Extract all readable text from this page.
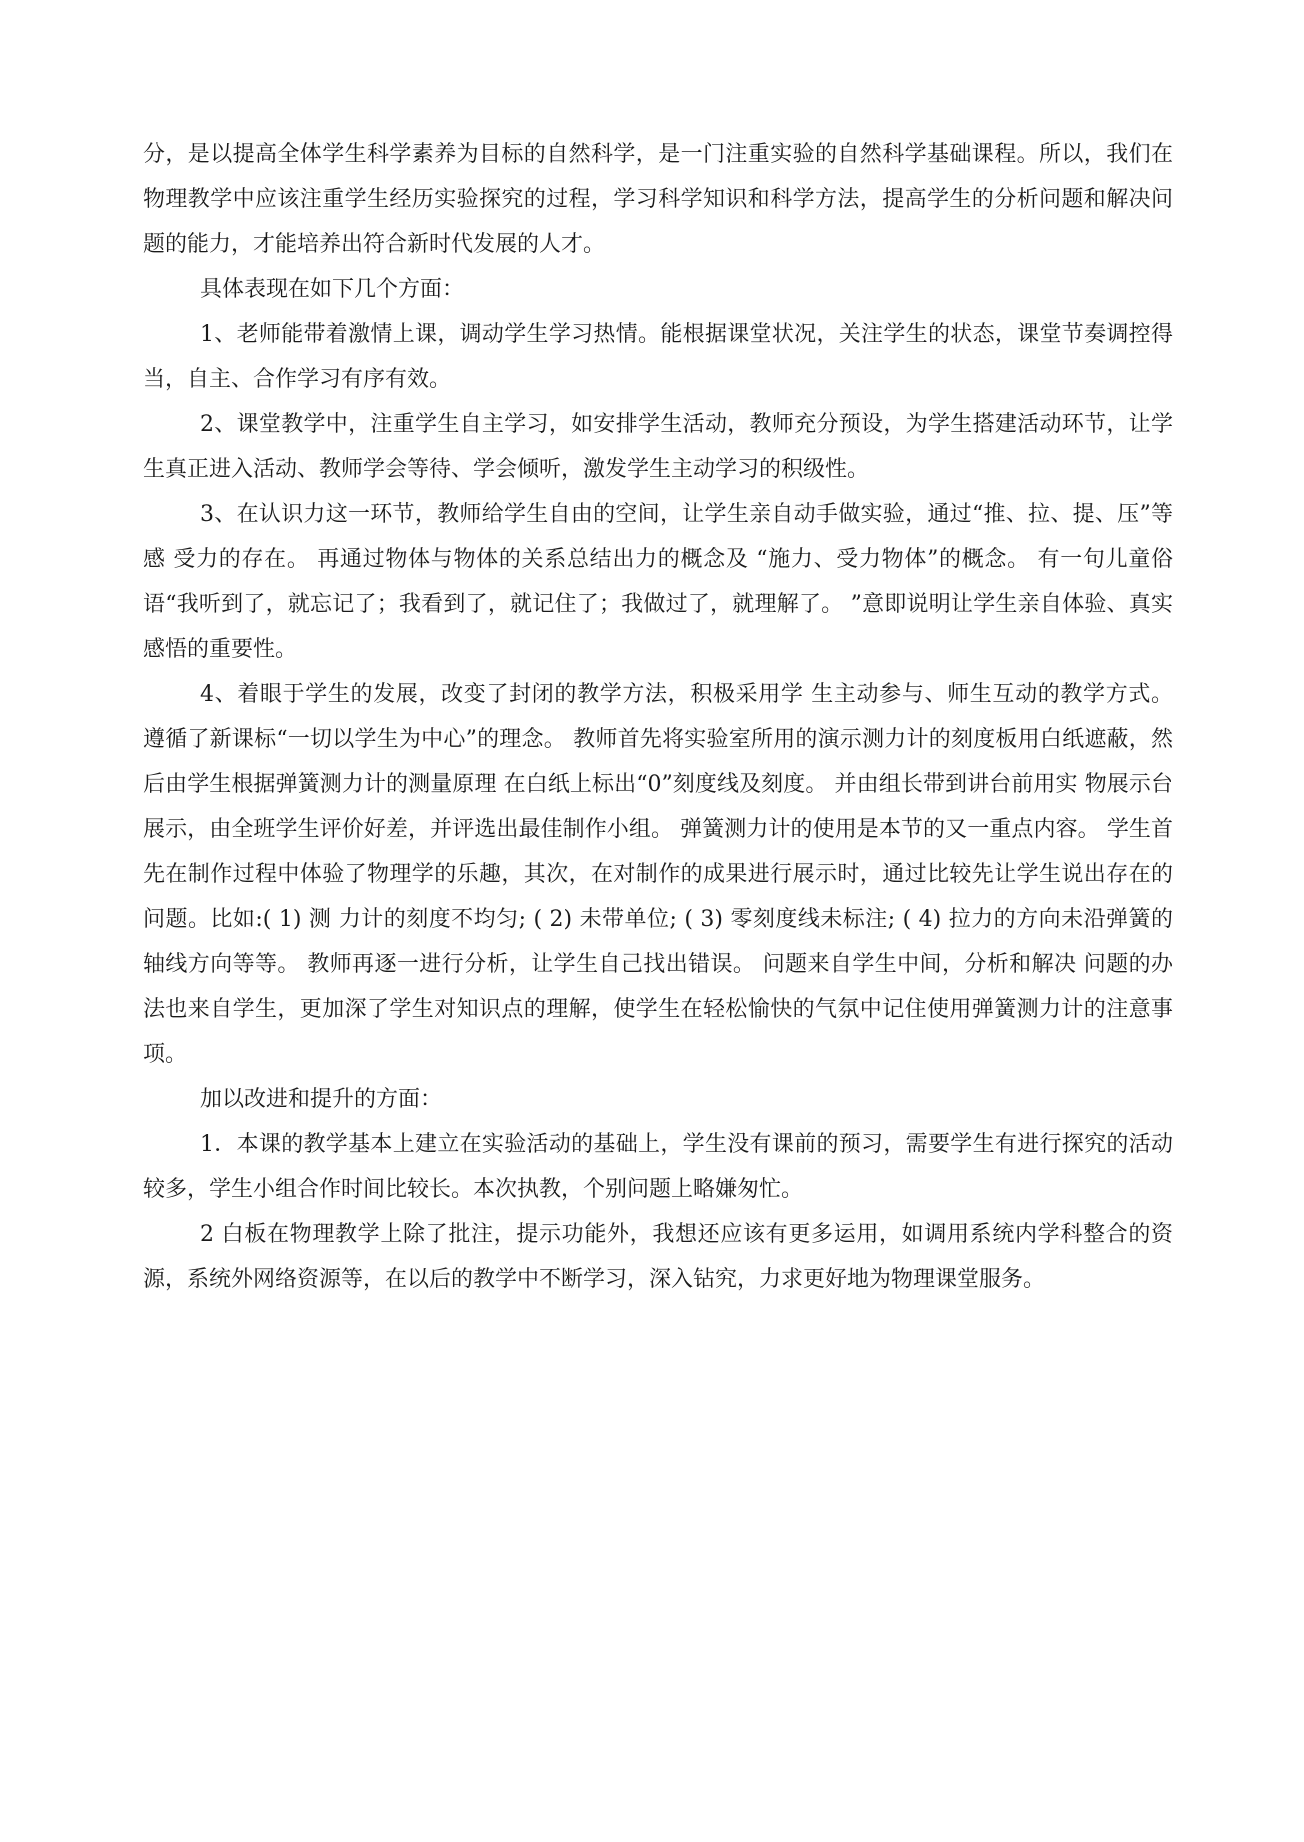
分，是以提高全体学生科学素养为目标的自然科学，是一门注重实验的自然科学基础课程。所以，我们在物理教学中应该注重学生经历实验探究的过程，学习科学知识和科学方法，提高学生的分析问题和解决问题的能力，才能培养出符合新时代发展的人才。

具体表现在如下几个方面：

1、老师能带着激情上课，调动学生学习热情。能根据课堂状况，关注学生的状态，课堂节奏调控得当，自主、合作学习有序有效。

2、课堂教学中，注重学生自主学习，如安排学生活动，教师充分预设，为学生搭建活动环节，让学生真正进入活动、教师学会等待、学会倾听，激发学生主动学习的积级性。

3、在认识力这一环节，教师给学生自由的空间，让学生亲自动手做实验，通过“推、拉、提、压”等感 受力的存在。 再通过物体与物体的关系总结出力的概念及 “施力、受力物体”的概念。 有一句儿童俗语“我听到了，就忘记了；我看到了，就记住了；我做过了，就理解了。 ”意即说明让学生亲自体验、真实感悟的重要性。

4、着眼于学生的发展，改变了封闭的教学方法，积极采用学 生主动参与、师生互动的教学方式。 遵循了新课标“一切以学生为中心”的理念。 教师首先将实验室所用的演示测力计的刻度板用白纸遮蔽，然后由学生根据弹簧测力计的测量原理 在白纸上标出“0”刻度线及刻度。 并由组长带到讲台前用实 物展示台展示，由全班学生评价好差，并评选出最佳制作小组。 弹簧测力计的使用是本节的又一重点内容。 学生首先在制作过程中体验了物理学的乐趣，其次，在对制作的成果进行展示时，通过比较先让学生说出存在的问题。比如:( 1) 测 力计的刻度不均匀; ( 2) 未带单位; ( 3) 零刻度线未标注; ( 4) 拉力的方向未沿弹簧的轴线方向等等。 教师再逐一进行分析，让学生自己找出错误。 问题来自学生中间，分析和解决 问题的办法也来自学生，更加深了学生对知识点的理解，使学生在轻松愉快的气氛中记住使用弹簧测力计的注意事项。

加以改进和提升的方面：

1．本课的教学基本上建立在实验活动的基础上，学生没有课前的预习，需要学生有进行探究的活动较多，学生小组合作时间比较长。本次执教，个别问题上略嫌匆忙。

2 白板在物理教学上除了批注，提示功能外，我想还应该有更多运用，如调用系统内学科整合的资源，系统外网络资源等，在以后的教学中不断学习，深入钻究，力求更好地为物理课堂服务。
